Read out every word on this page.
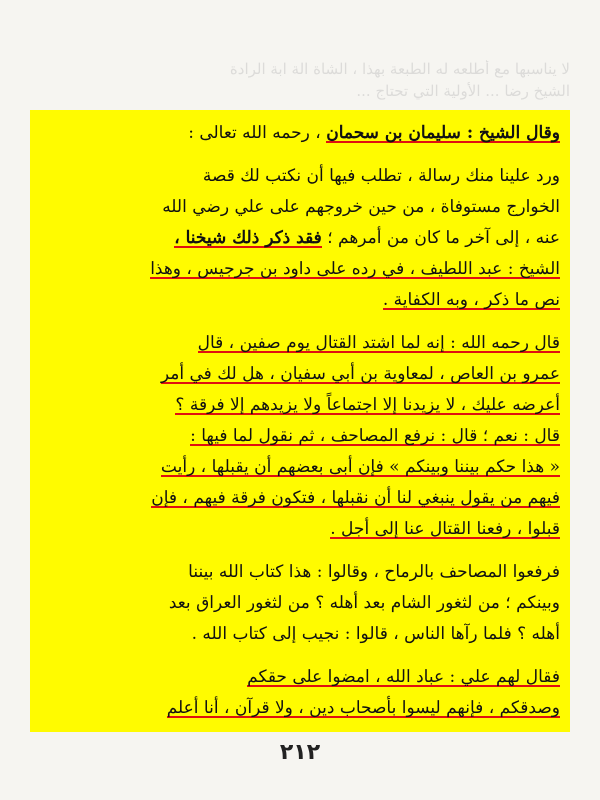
لا يناسبها مع أطلعه له الطبعة بهذا ، الشاة الة ابة الرادة
الشيخ رضا ... الأولية التي تحتاج ...
وقال الشيخ : سليمان بن سحمان ، رحمه الله تعالى :
ورد علينا منك رسالة ، تطلب فيها أن نكتب لك قصة
الخوارج مستوفاة ، من حين خروجهم على علي رضي الله
عنه ، إلى آخر ما كان من أمرهم ؛ فقد ذكر ذلك شيخنا ،
الشيخ : عبد اللطيف ، في رده على داود بن جرجيس ، وهذا
نص ما ذكر ، وبه الكفاية .
قال رحمه الله : إنه لما اشتد القتال يوم صفين ، قال
عمرو بن العاص ، لمعاوية بن أبي سفيان ، هل لك في أمر
أعرضه عليك ، لا يزيدنا إلا اجتماعاً ولا يزيدهم إلا فرقة ؟
قال : نعم ؛ قال : نرفع المصاحف ، ثم نقول لما فيها :
« هذا حكم بيننا وبينكم » فإن أبى بعضهم أن يقبلها ، رأيت
فيهم من يقول ينبغي لنا أن نقبلها ، فتكون فرقة فيهم ، فإن
قبلوا ، رفعنا القتال عنا إلى أجل .
فرفعوا المصاحف بالرماح ، وقالوا : هذا كتاب الله بيننا
وبينكم ؛ من لثغور الشام بعد أهله ؟ من لثغور العراق بعد
أهله ؟ فلما رآها الناس ، قالوا : نجيب إلى كتاب الله .
فقال لهم علي : عباد الله ، امضوا على حقكم
وصدقكم ، فإنهم ليسوا بأصحاب دين ، ولا قرآن ، أنا أعلم
٢١٢
